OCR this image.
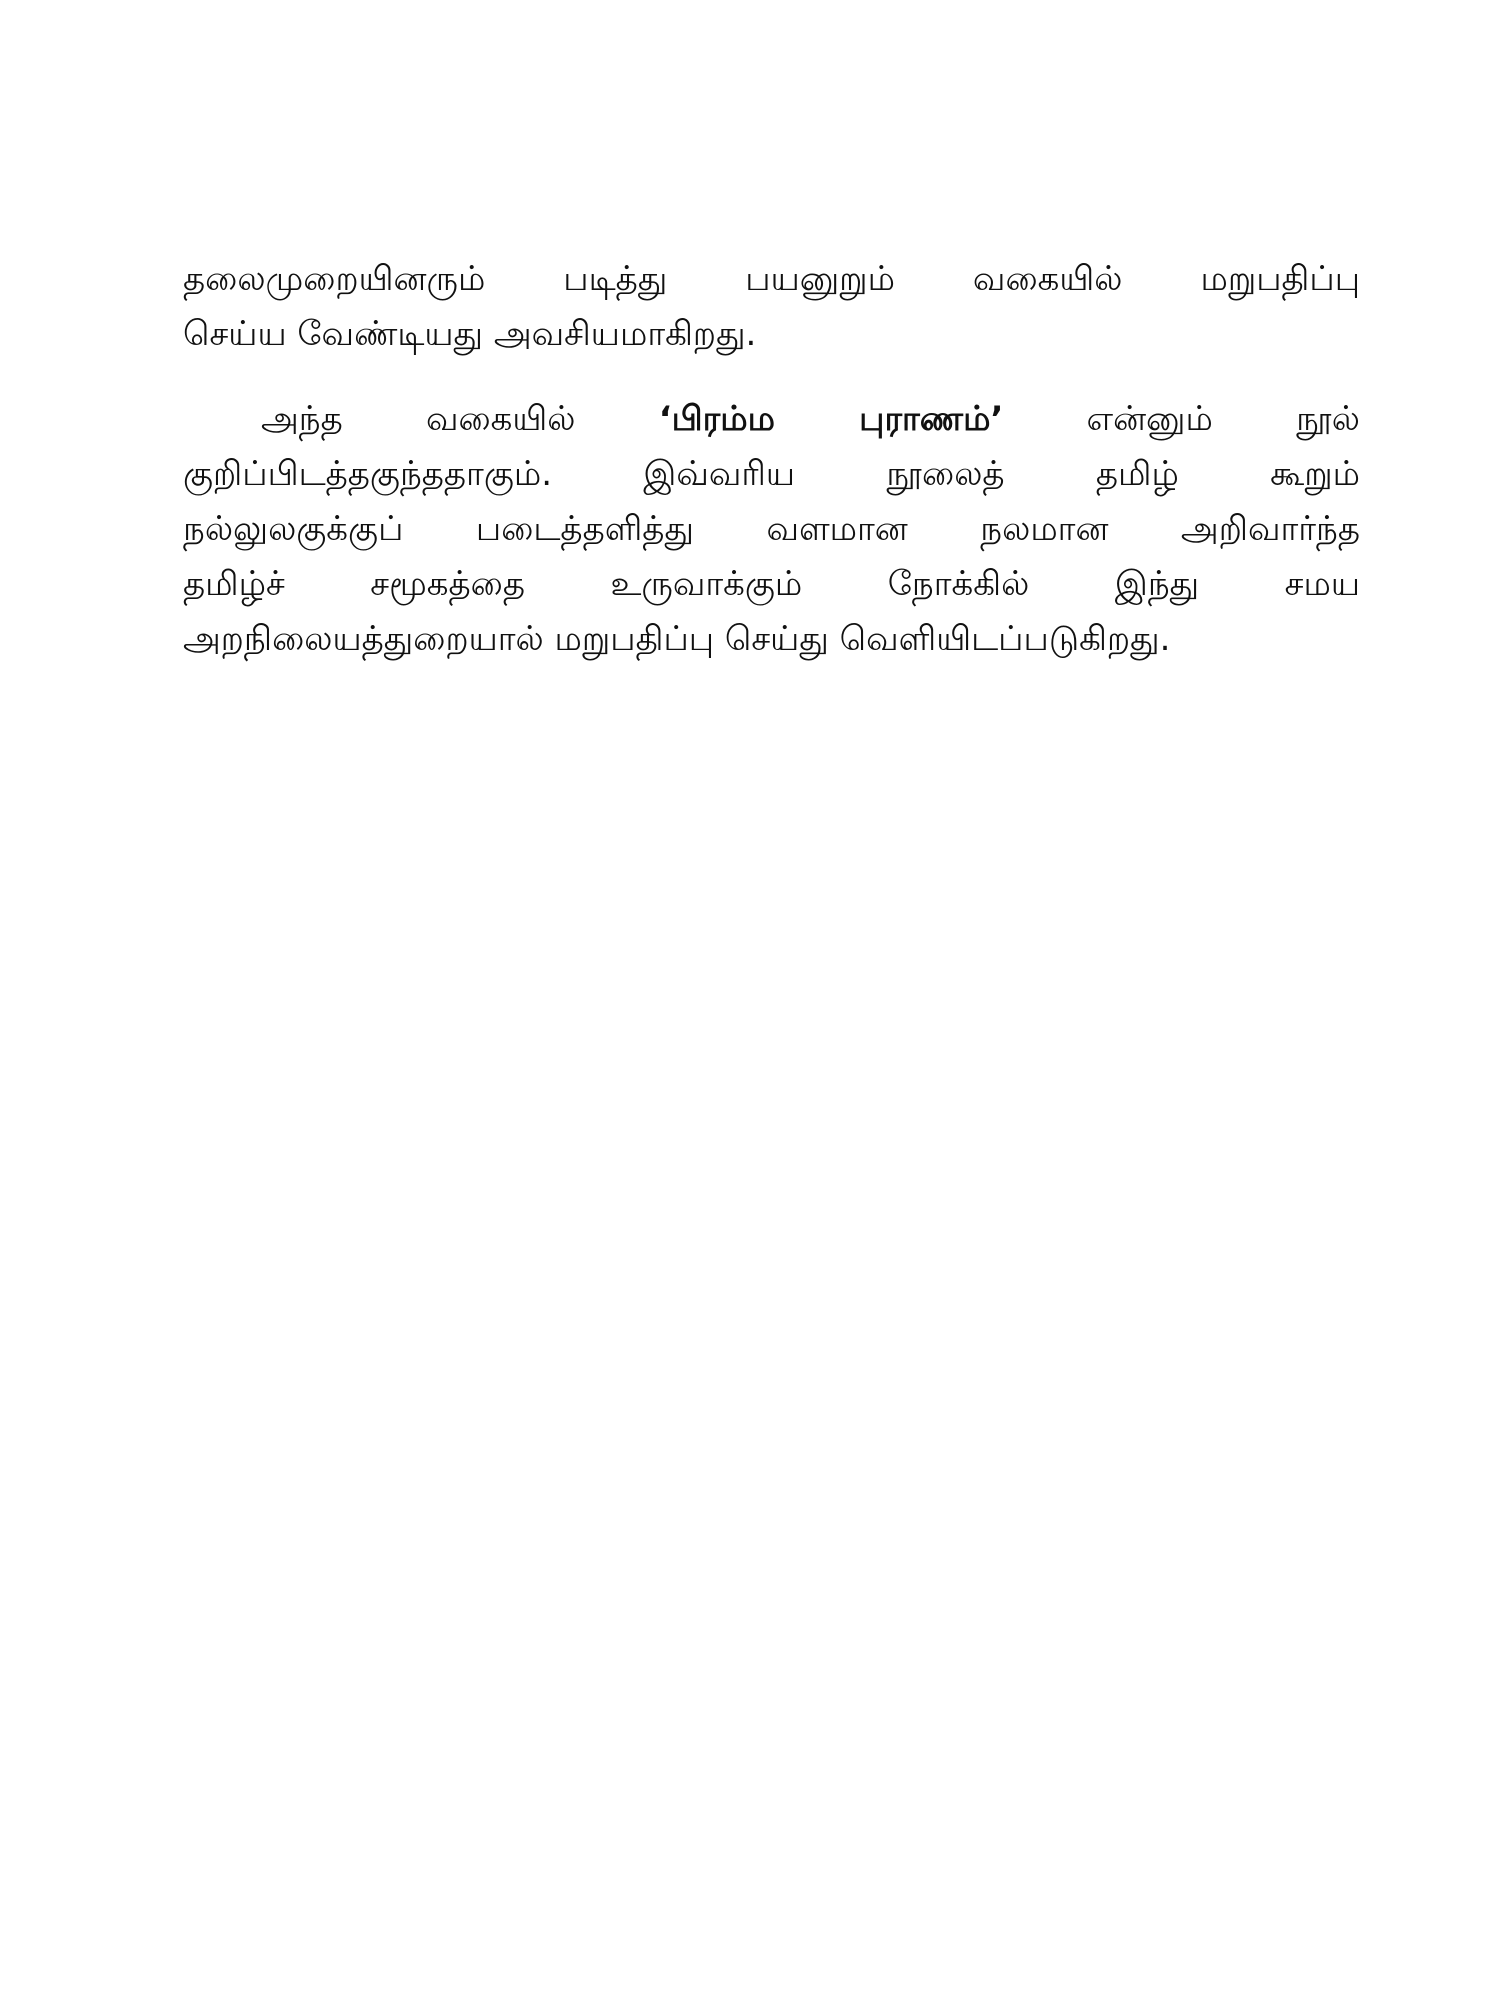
தலைமுறையினரும் படித்து பயனுறும் வகையில் மறுபதிப்பு
செய்ய வேண்டியது அவசியமாகிறது.

அந்த வகையில் ‘பிரம்ம புராணம்’ என்னும் நூல்
குறிப்பிடத்தகுந்ததாகும். இவ்வரிய நூலைத் தமிழ் கூறும்
நல்லுலகுக்குப் படைத்தளித்து வளமான நலமான அறிவார்ந்த
தமிழ்ச் சமூகத்தை உருவாக்கும் நோக்கில் இந்து சமய
அறநிலையத்துறையால் மறுபதிப்பு செய்து வெளியிடப்படுகிறது.
